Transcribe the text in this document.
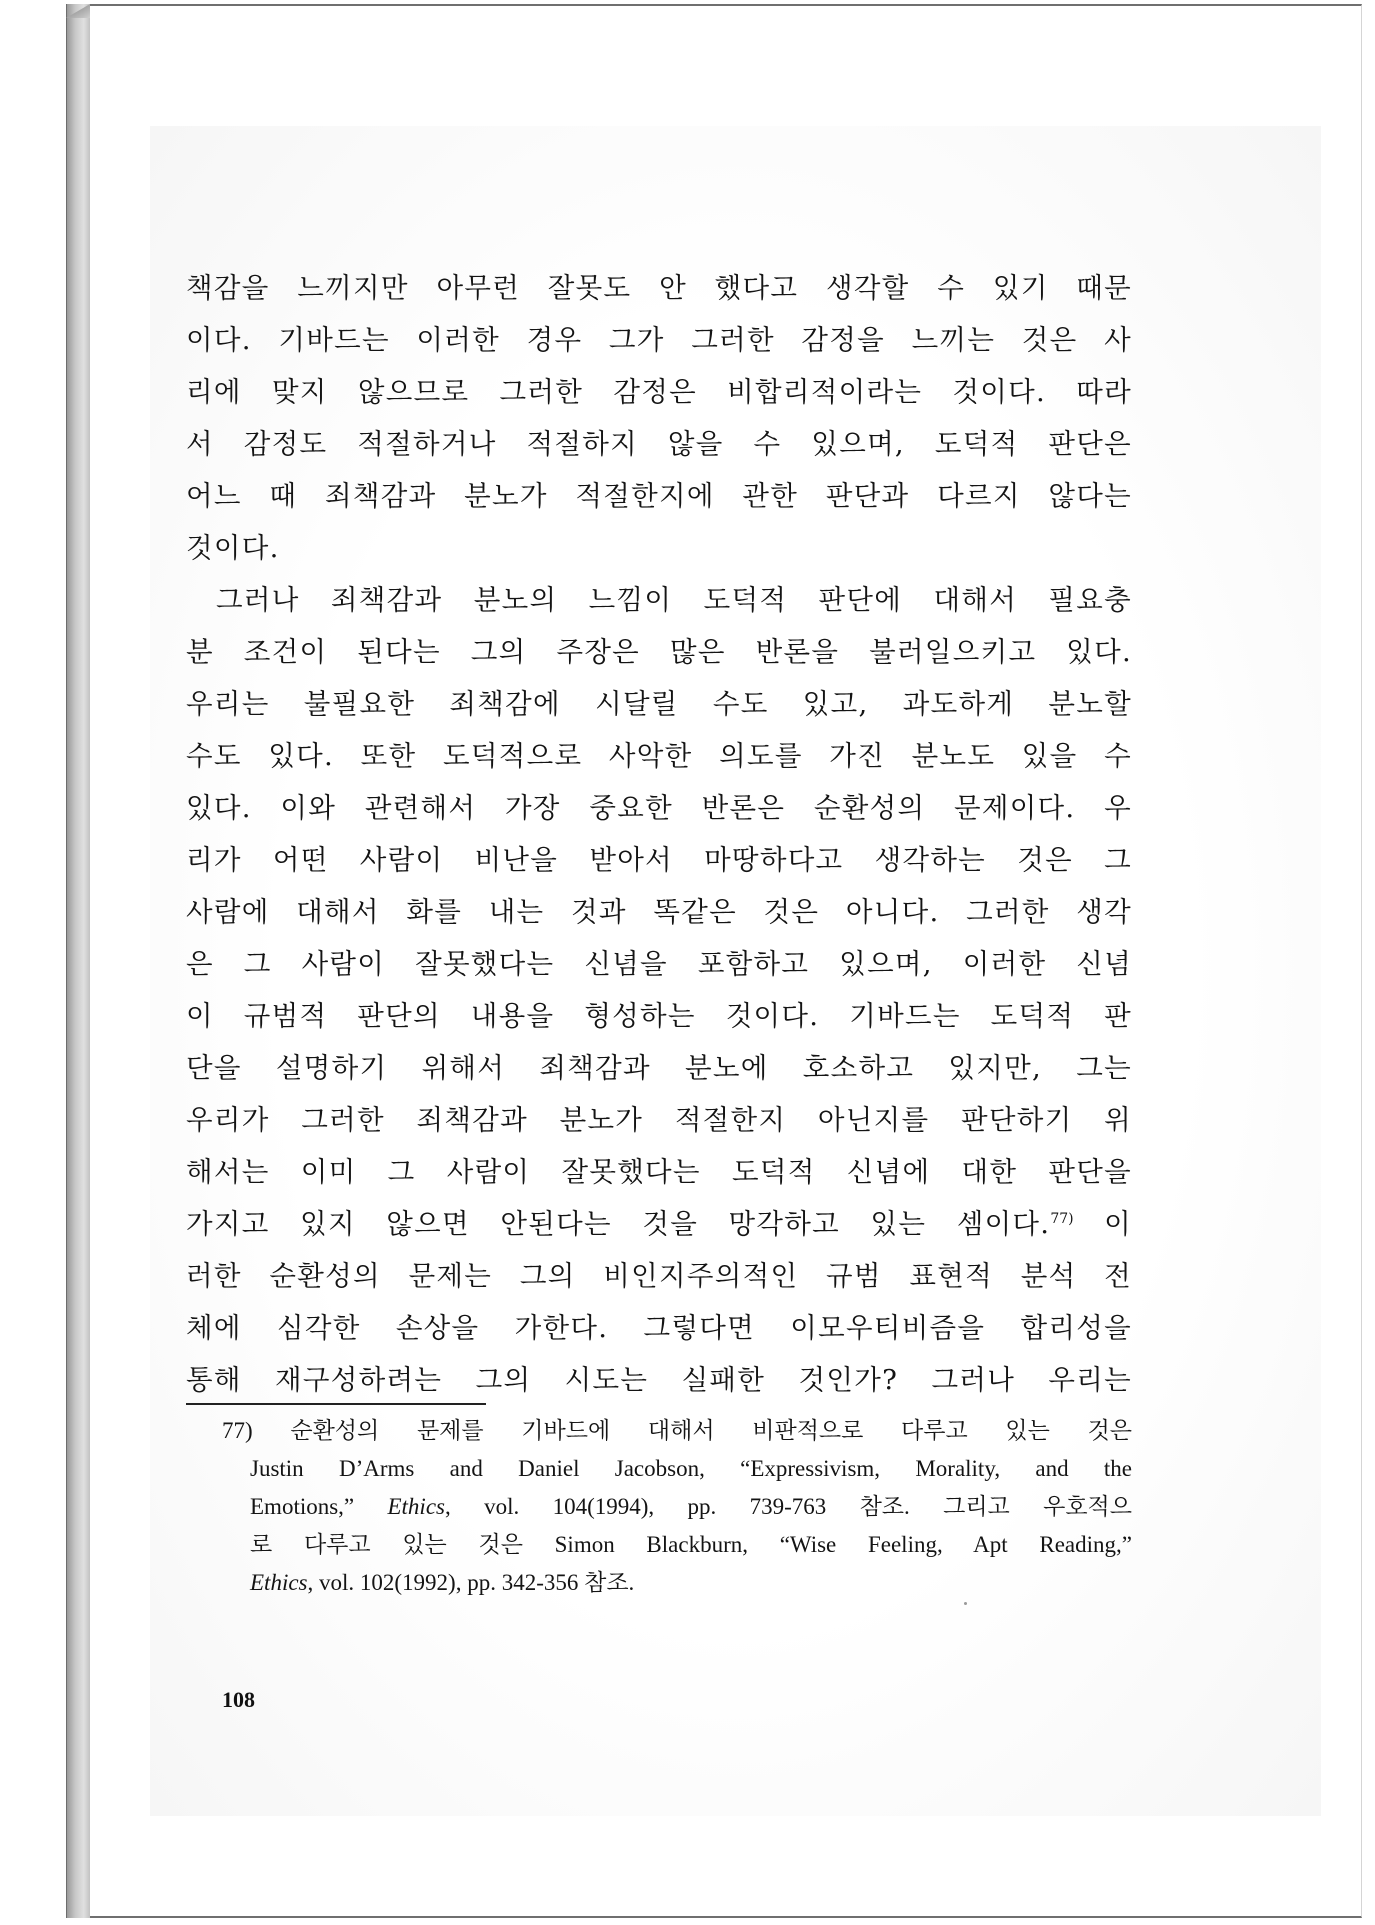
책감을 느끼지만 아무런 잘못도 안 했다고 생각할 수 있기 때문
이다. 기바드는 이러한 경우 그가 그러한 감정을 느끼는 것은 사
리에 맞지 않으므로 그러한 감정은 비합리적이라는 것이다. 따라
서 감정도 적절하거나 적절하지 않을 수 있으며, 도덕적 판단은
어느 때 죄책감과 분노가 적절한지에 관한 판단과 다르지 않다는
것이다.
그러나 죄책감과 분노의 느낌이 도덕적 판단에 대해서 필요충
분 조건이 된다는 그의 주장은 많은 반론을 불러일으키고 있다.
우리는 불필요한 죄책감에 시달릴 수도 있고, 과도하게 분노할
수도 있다. 또한 도덕적으로 사악한 의도를 가진 분노도 있을 수
있다. 이와 관련해서 가장 중요한 반론은 순환성의 문제이다. 우
리가 어떤 사람이 비난을 받아서 마땅하다고 생각하는 것은 그
사람에 대해서 화를 내는 것과 똑같은 것은 아니다. 그러한 생각
은 그 사람이 잘못했다는 신념을 포함하고 있으며, 이러한 신념
이 규범적 판단의 내용을 형성하는 것이다. 기바드는 도덕적 판
단을 설명하기 위해서 죄책감과 분노에 호소하고 있지만, 그는
우리가 그러한 죄책감과 분노가 적절한지 아닌지를 판단하기 위
해서는 이미 그 사람이 잘못했다는 도덕적 신념에 대한 판단을
가지고 있지 않으면 안된다는 것을 망각하고 있는 셈이다.$^{77)}$ 이
러한 순환성의 문제는 그의 비인지주의적인 규범 표현적 분석 전
체에 심각한 손상을 가한다. 그렇다면 이모우티비즘을 합리성을
통해 재구성하려는 그의 시도는 실패한 것인가? 그러나 우리는
77) 순환성의 문제를 기바드에 대해서 비판적으로 다루고 있는 것은
Justin D’Arms and Daniel Jacobson, “Expressivism, Morality, and the
Emotions,” Ethics, vol. 104(1994), pp. 739-763 참조. 그리고 우호적으
로 다루고 있는 것은 Simon Blackburn, “Wise Feeling, Apt Reading,”
Ethics, vol. 102(1992), pp. 342-356 참조.
108
